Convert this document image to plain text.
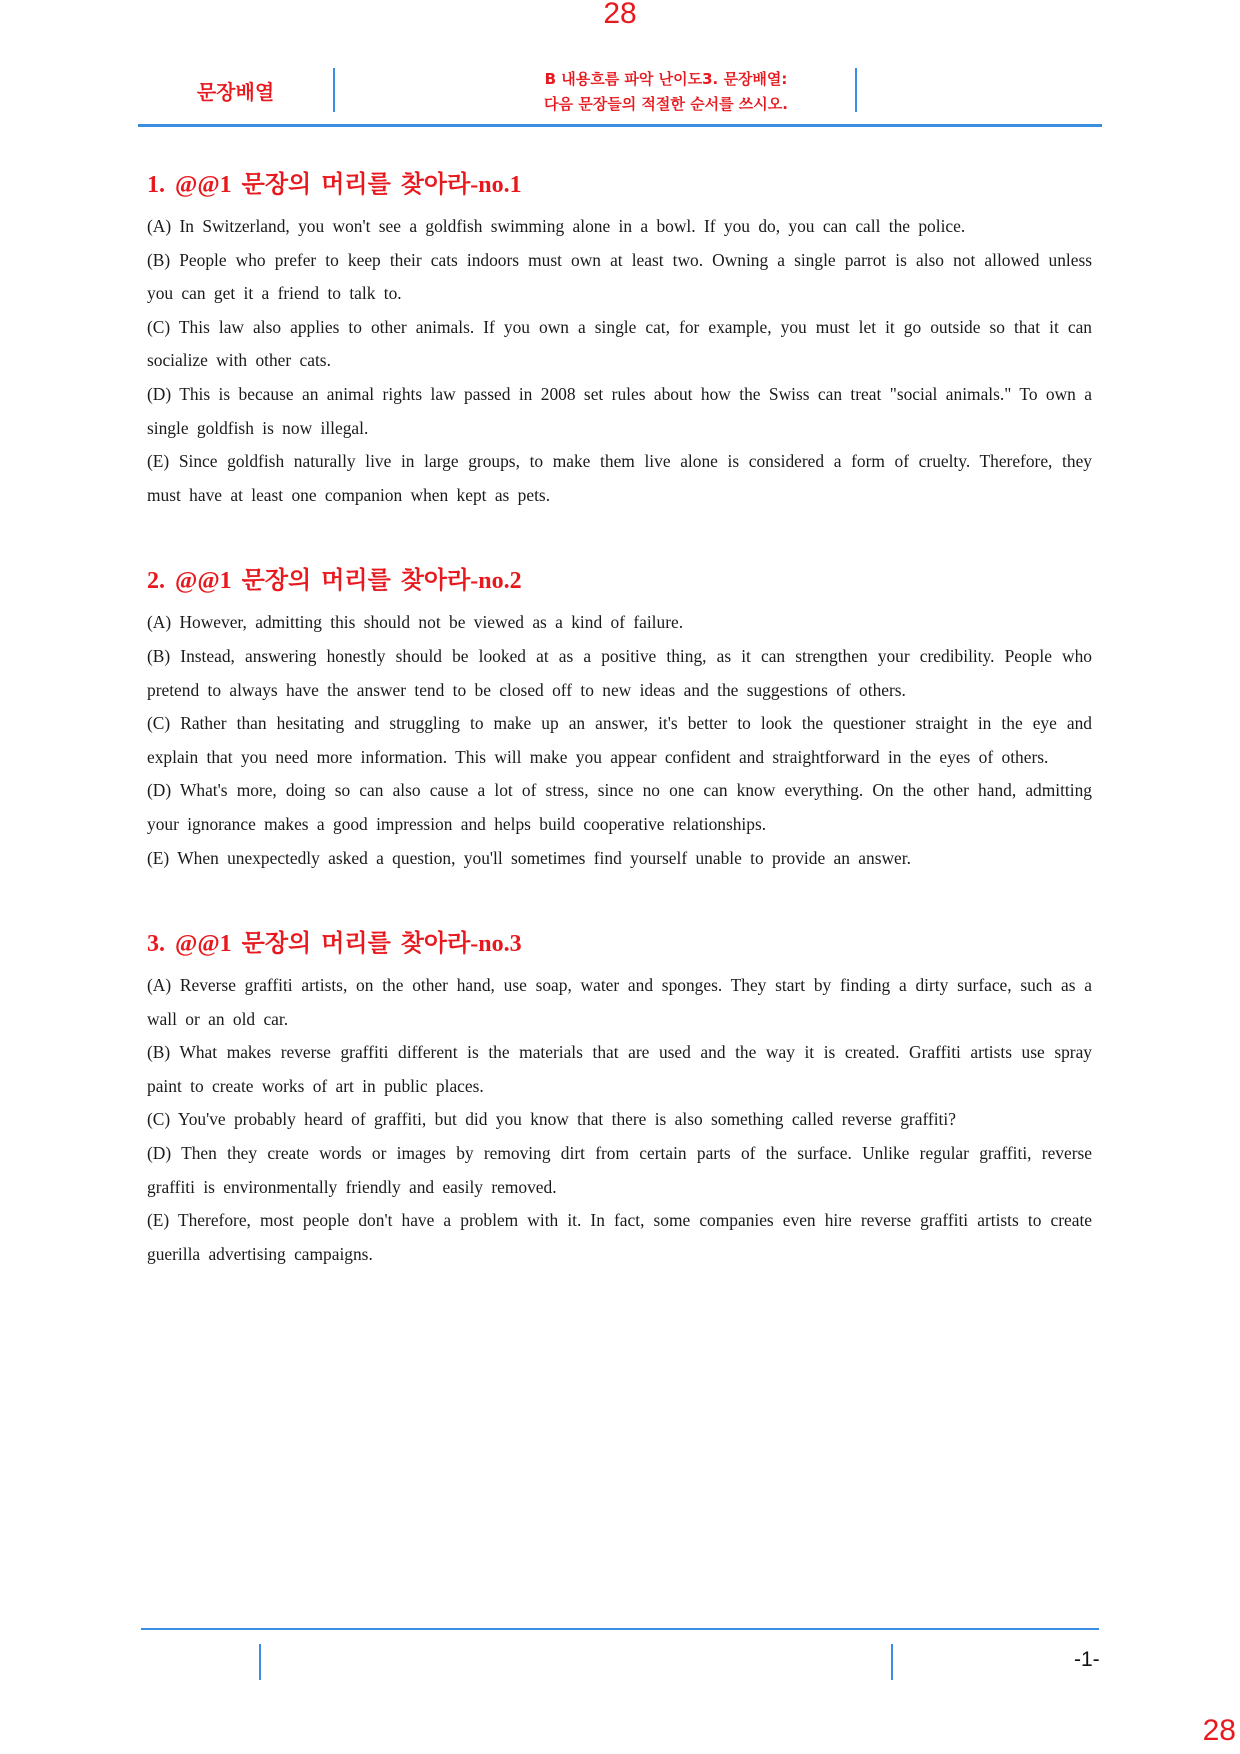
28
문장배열
B 내용흐름 파악 난이도3. 문장배열:
다음 문장들의 적절한 순서를 쓰시오.
1. @@1 문장의 머리를 찾아라-no.1

(A) In Switzerland, you won't see a goldfish swimming alone in a bowl. If you do, you can call the police.

(B) People who prefer to keep their cats indoors must own at least two. Owning a single parrot is also not allowed unless you can get it a friend to talk to.

(C) This law also applies to other animals. If you own a single cat, for example, you must let it go outside so that it can socialize with other cats.

(D) This is because an animal rights law passed in 2008 set rules about how the Swiss can treat "social animals." To own a single goldfish is now illegal.

(E) Since goldfish naturally live in large groups, to make them live alone is considered a form of cruelty. Therefore, they must have at least one companion when kept as pets.

2. @@1 문장의 머리를 찾아라-no.2

(A) However, admitting this should not be viewed as a kind of failure.

(B) Instead, answering honestly should be looked at as a positive thing, as it can strengthen your credibility. People who pretend to always have the answer tend to be closed off to new ideas and the suggestions of others.

(C) Rather than hesitating and struggling to make up an answer, it's better to look the questioner straight in the eye and explain that you need more information. This will make you appear confident and straightforward in the eyes of others.

(D) What's more, doing so can also cause a lot of stress, since no one can know everything. On the other hand, admitting your ignorance makes a good impression and helps build cooperative relationships.

(E) When unexpectedly asked a question, you'll sometimes find yourself unable to provide an answer.

3. @@1 문장의 머리를 찾아라-no.3

(A) Reverse graffiti artists, on the other hand, use soap, water and sponges. They start by finding a dirty surface, such as a wall or an old car.

(B) What makes reverse graffiti different is the materials that are used and the way it is created. Graffiti artists use spray paint to create works of art in public places.

(C) You've probably heard of graffiti, but did you know that there is also something called reverse graffiti?

(D) Then they create words or images by removing dirt from certain parts of the surface. Unlike regular graffiti, reverse graffiti is environmentally friendly and easily removed.

(E) Therefore, most people don't have a problem with it. In fact, some companies even hire reverse graffiti artists to create guerilla advertising campaigns.

-1-
28
